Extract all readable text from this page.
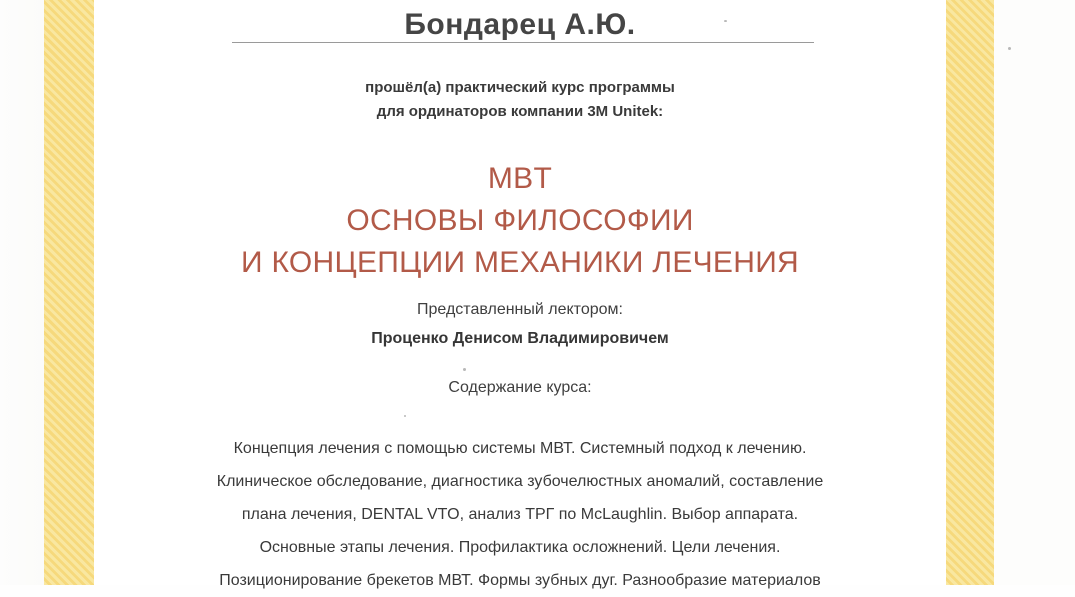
Бондарец А.Ю.
прошёл(а) практический курс программы
для ординаторов компании 3M Unitek:
MBT
ОСНОВЫ ФИЛОСОФИИ
И КОНЦЕПЦИИ МЕХАНИКИ ЛЕЧЕНИЯ
Представленный лектором:
Проценко Денисом Владимировичем
Содержание курса:
Концепция лечения с помощью системы МВТ. Системный подход к лечению.
Клиническое обследование, диагностика зубочелюстных аномалий, составление
плана лечения, DENTAL VTO, анализ ТРГ по McLaughlin. Выбор аппарата.
Основные этапы лечения. Профилактика осложнений. Цели лечения.
Позиционирование брекетов МВТ. Формы зубных дуг. Разнообразие материалов
